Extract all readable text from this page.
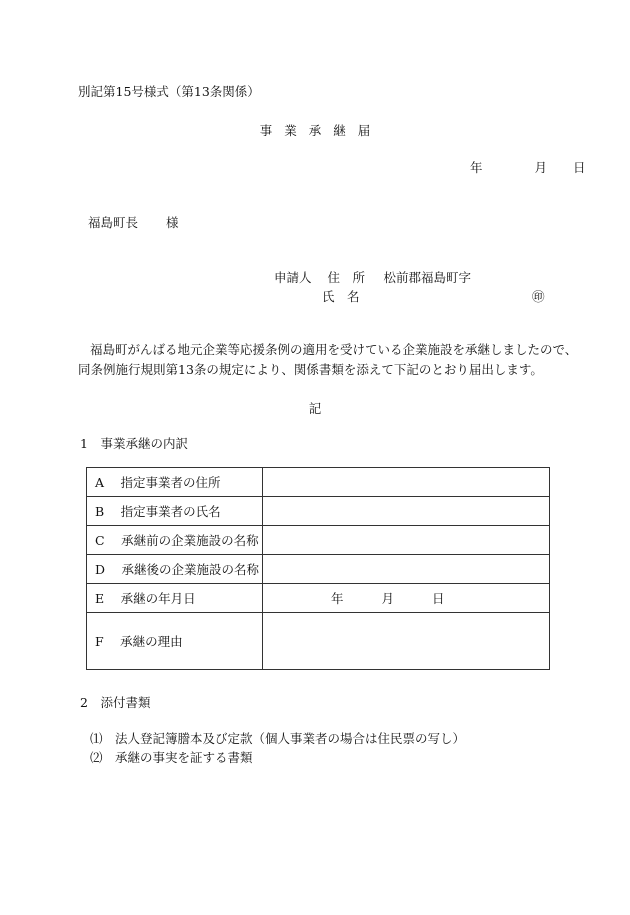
別記第15号様式（第13条関係）
事 業 承 継 届
年	月 日
福島町長 様
申請人 住　所 松前郡福島町字
氏　名	㊞
福島町がんばる地元企業等応援条例の適用を受けている企業施設を承継しましたので、同条例施行規則第13条の規定により、関係書類を添えて下記のとおり届出します。
記
1　事業承継の内訳
A　 指定事業者の住所	
B　 指定事業者の氏名	
C　 承継前の企業施設の名称	
D　 承継後の企業施設の名称	
E　 承継の年月日	年 月 日
F　 承継の理由	
2　添付書類
⑴　法人登記簿謄本及び定款（個人事業者の場合は住民票の写し）
⑵　承継の事実を証する書類
